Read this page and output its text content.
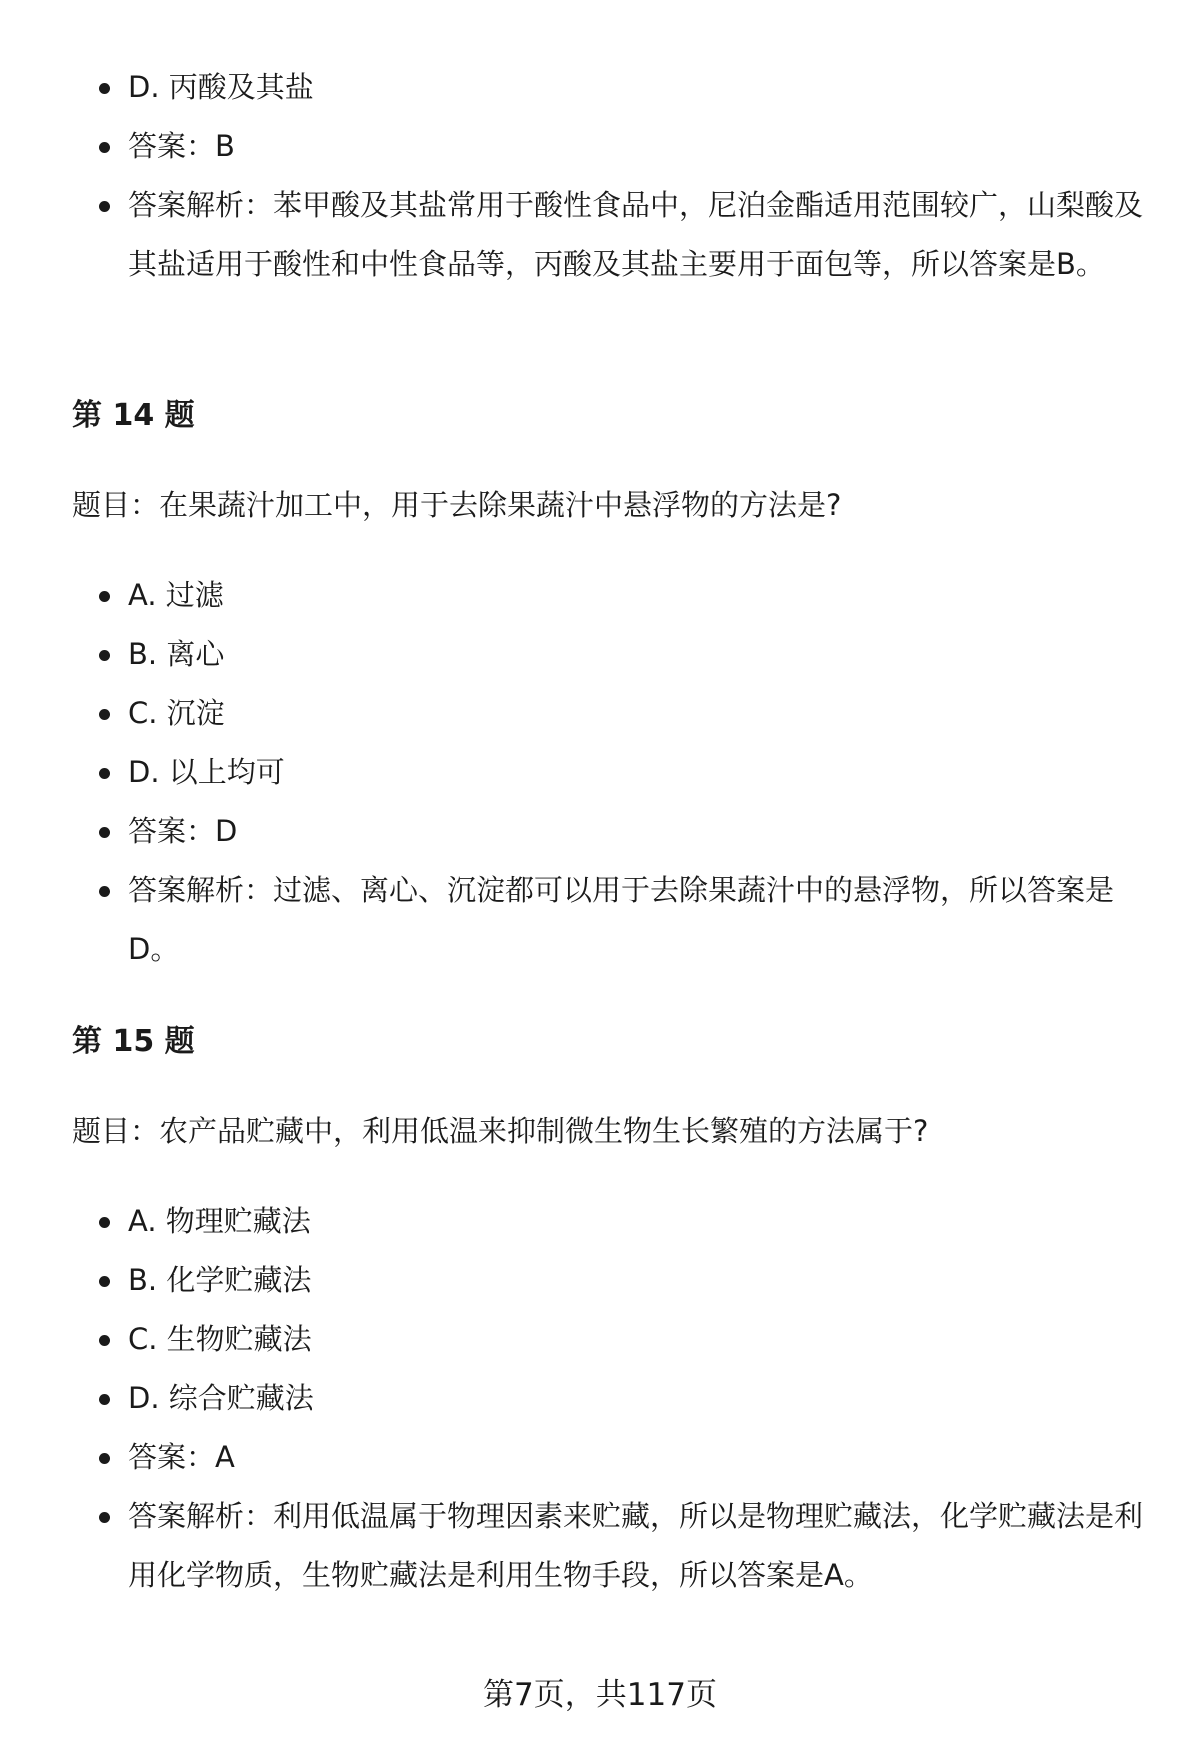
D. 丙酸及其盐
答案：B
答案解析：苯甲酸及其盐常用于酸性食品中，尼泊金酯适用范围较广，山梨酸及其盐适用于酸性和中性食品等，丙酸及其盐主要用于面包等，所以答案是B。
第 14 题
题目：在果蔬汁加工中，用于去除果蔬汁中悬浮物的方法是?
A. 过滤
B. 离心
C. 沉淀
D. 以上均可
答案：D
答案解析：过滤、离心、沉淀都可以用于去除果蔬汁中的悬浮物，所以答案是D。
第 15 题
题目：农产品贮藏中，利用低温来抑制微生物生长繁殖的方法属于?
A. 物理贮藏法
B. 化学贮藏法
C. 生物贮藏法
D. 综合贮藏法
答案：A
答案解析：利用低温属于物理因素来贮藏，所以是物理贮藏法，化学贮藏法是利用化学物质，生物贮藏法是利用生物手段，所以答案是A。
第7页，共117页
